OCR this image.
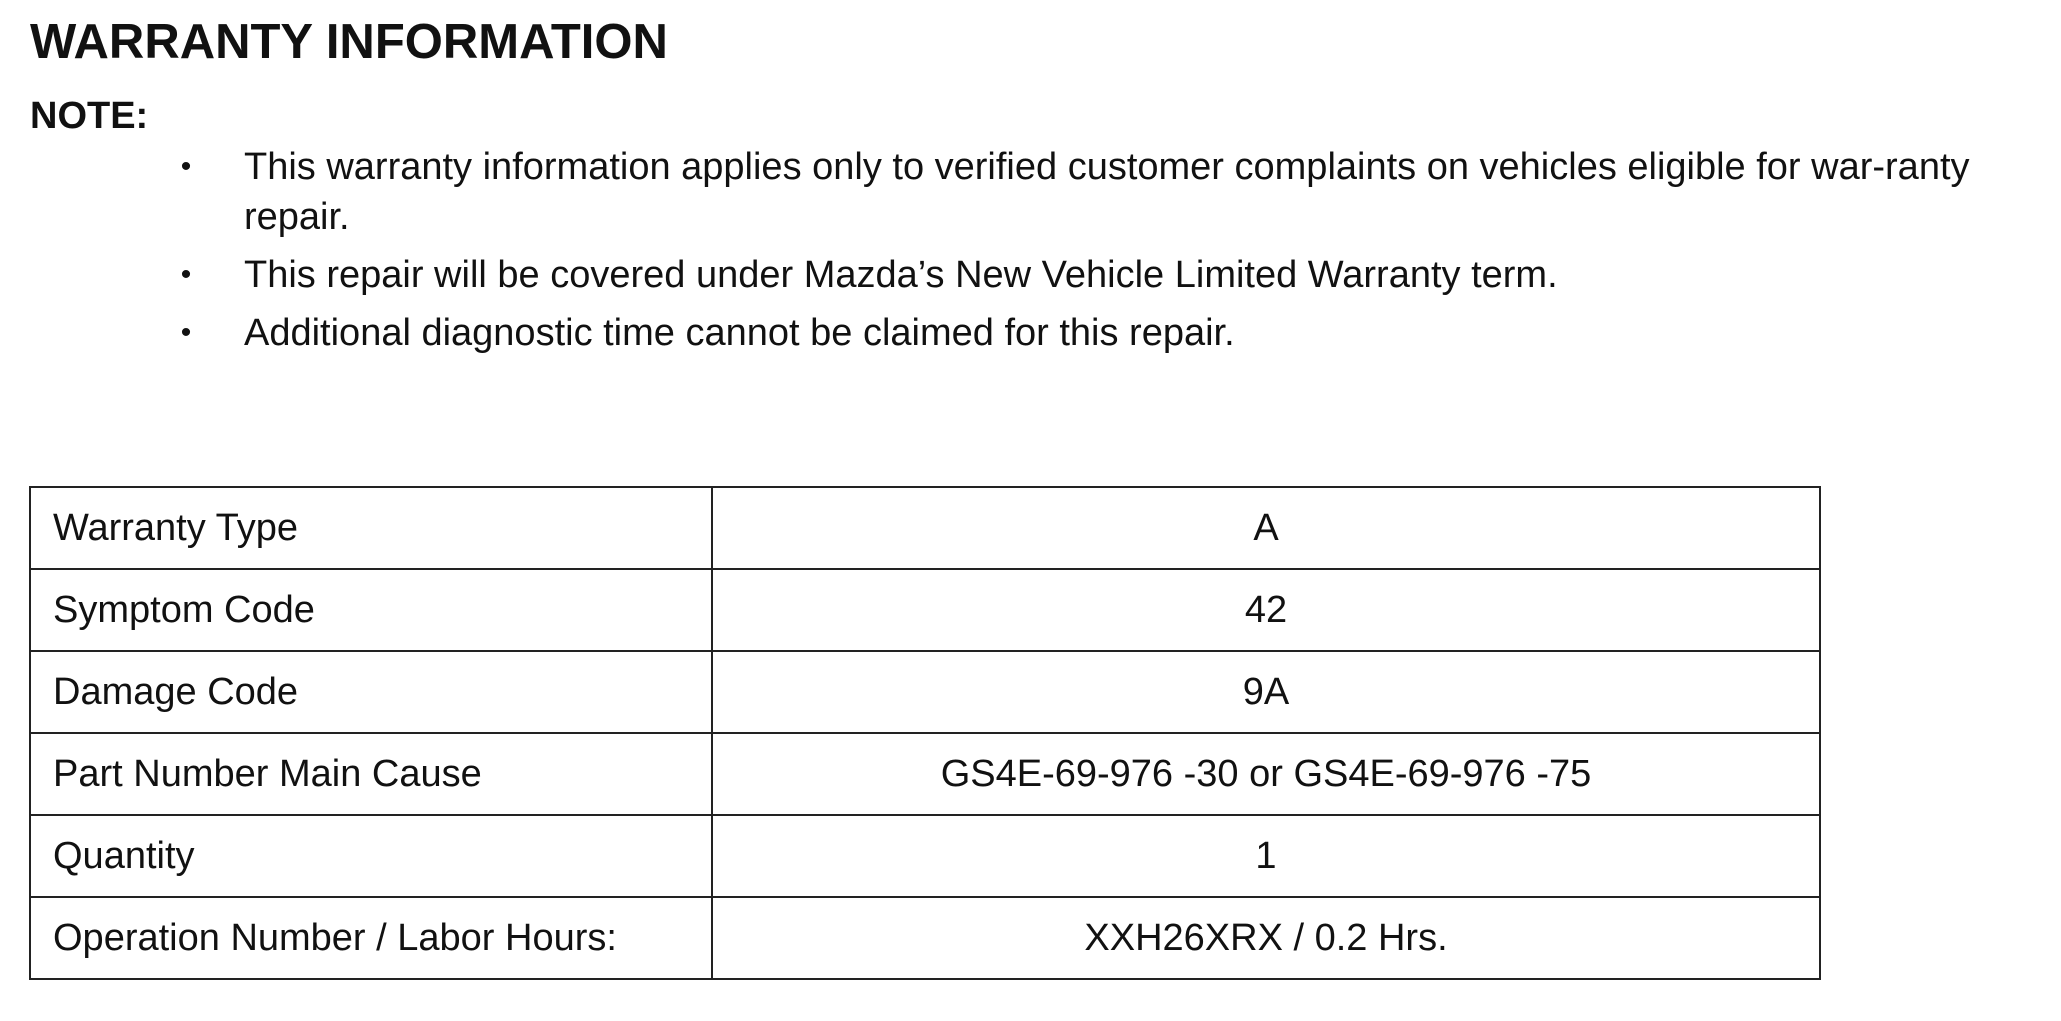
WARRANTY INFORMATION
NOTE:
• This warranty information applies only to verified customer complaints on vehicles eligible for war-ranty repair.
• This repair will be covered under Mazda’s New Vehicle Limited Warranty term.
• Additional diagnostic time cannot be claimed for this repair.
Warranty Type	A
Symptom Code	42
Damage Code	9A
Part Number Main Cause	GS4E-69-976 -30 or GS4E-69-976 -75
Quantity	1
Operation Number / Labor Hours:	XXH26XRX / 0.2 Hrs.
